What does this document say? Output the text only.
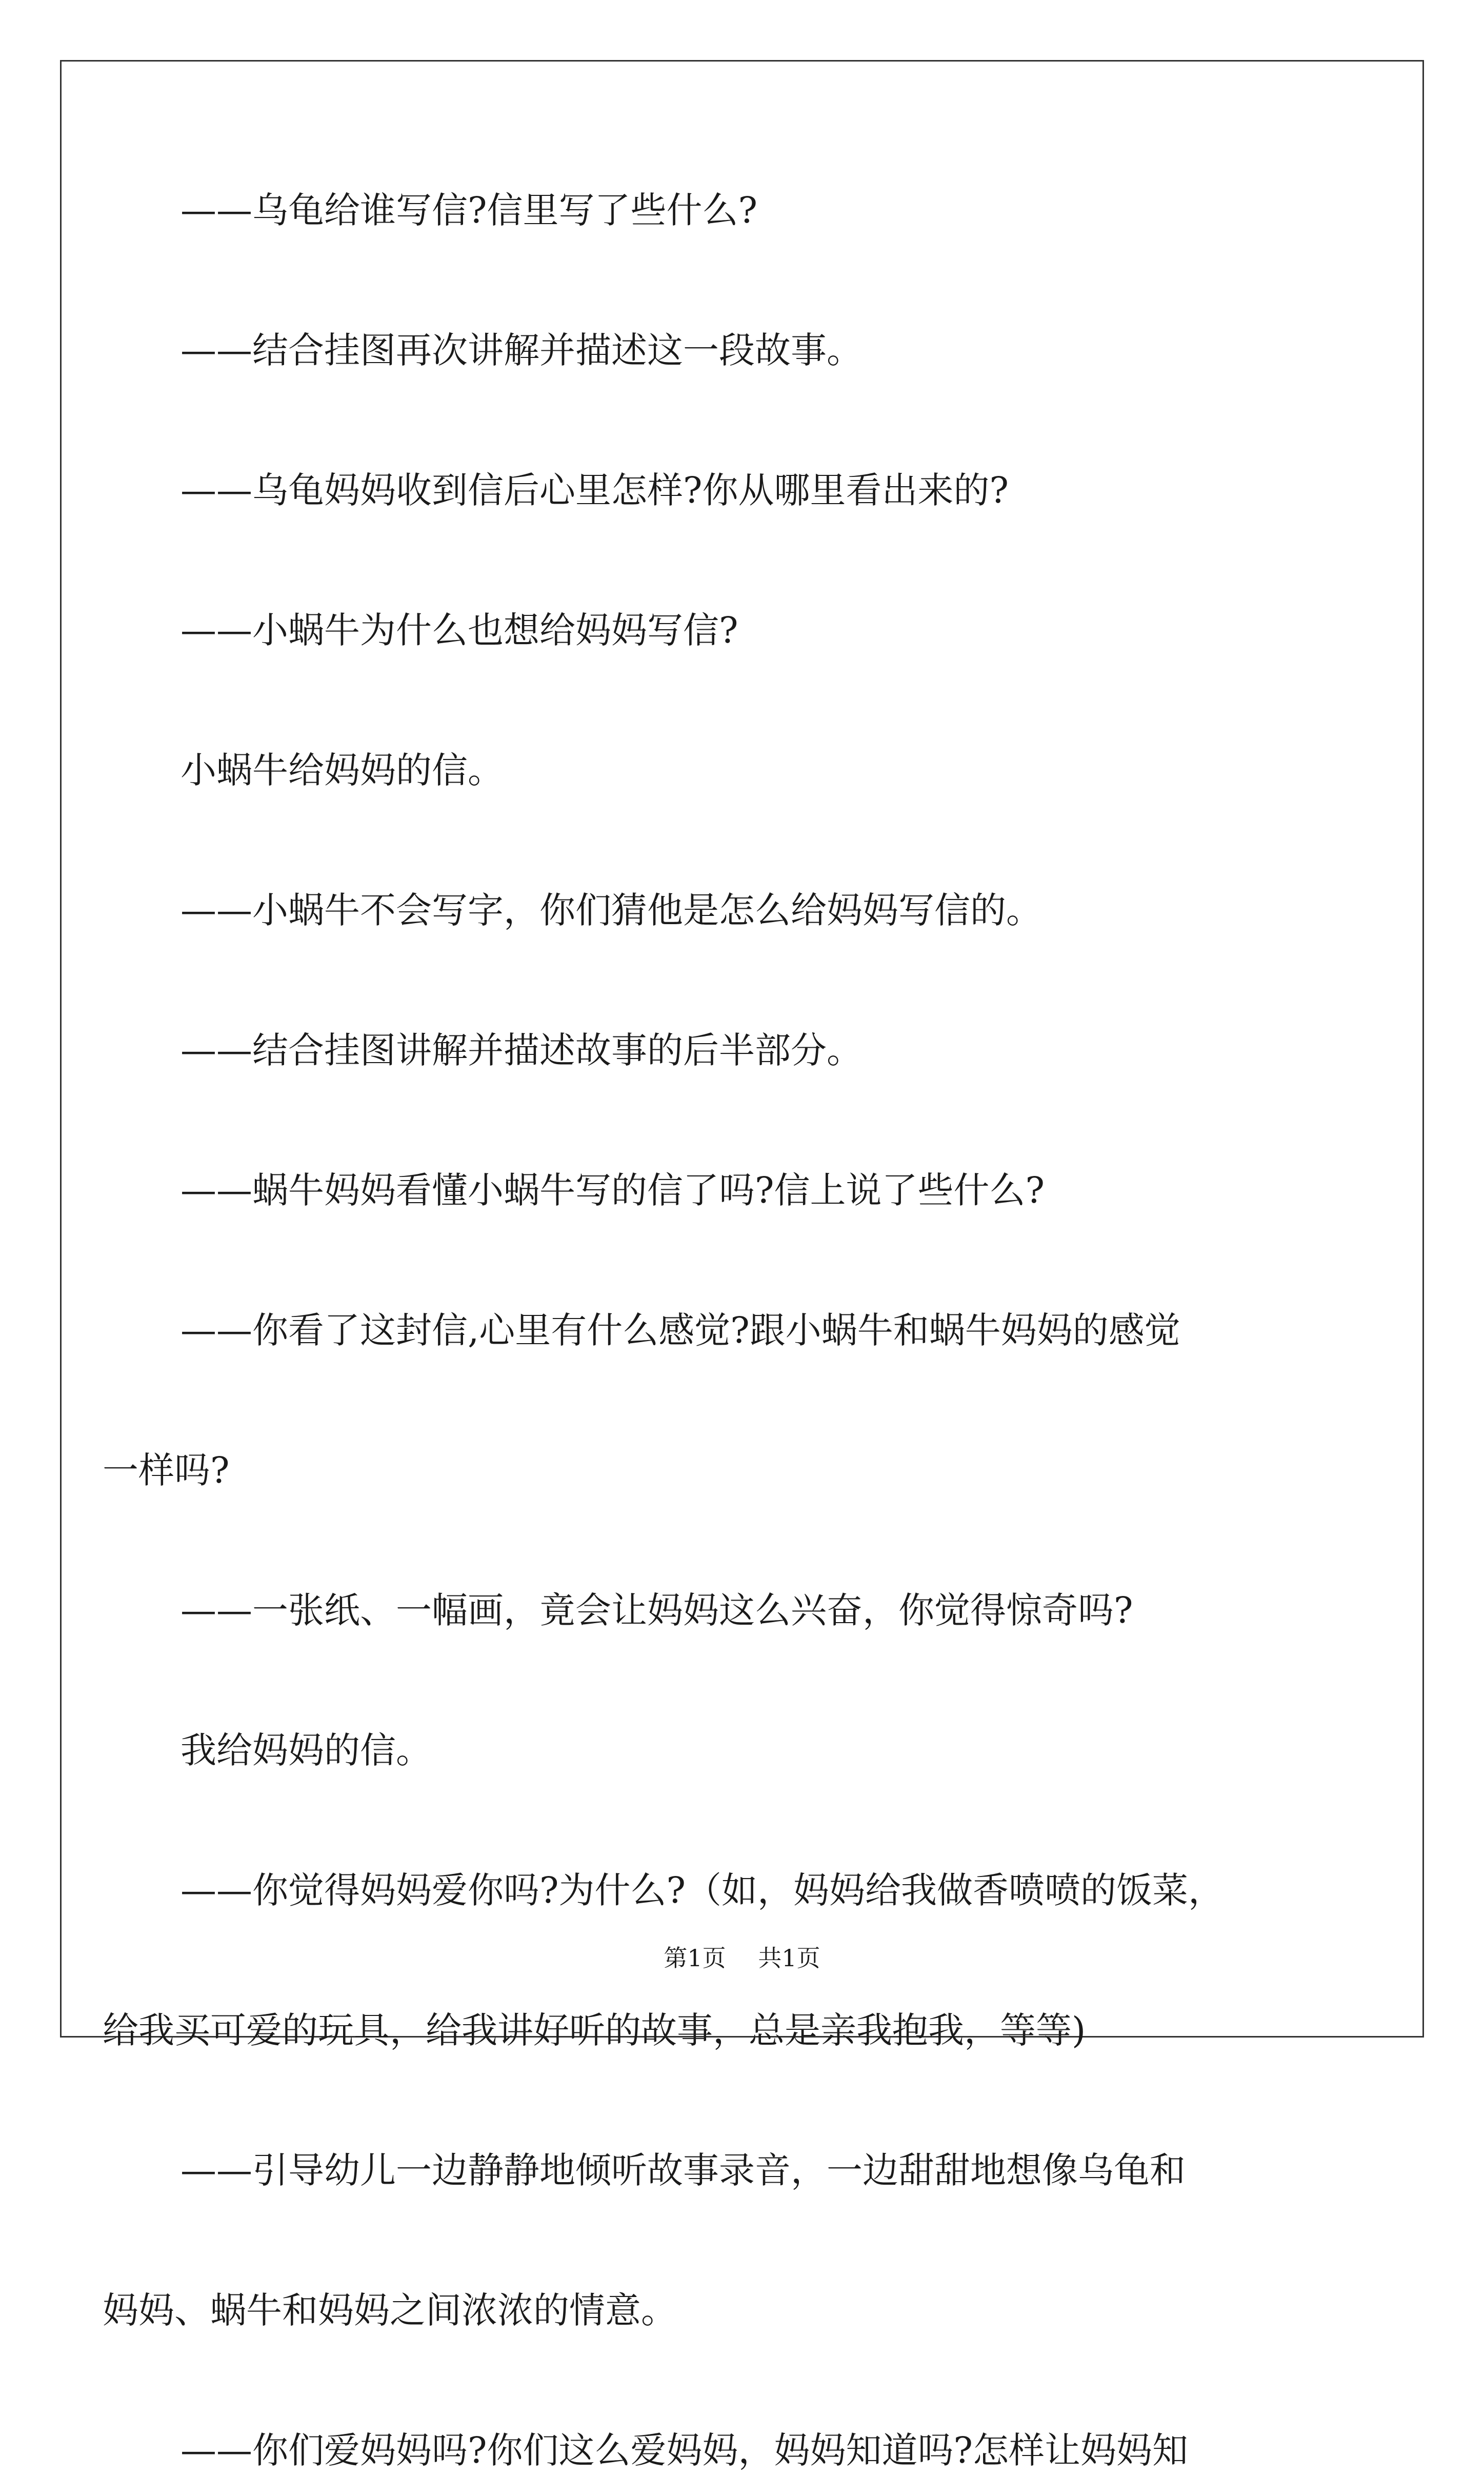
——乌龟给谁写信?信里写了些什么?

——结合挂图再次讲解并描述这一段故事。

——乌龟妈妈收到信后心里怎样?你从哪里看出来的?

——小蜗牛为什么也想给妈妈写信?

小蜗牛给妈妈的信。

——小蜗牛不会写字，你们猜他是怎么给妈妈写信的。

——结合挂图讲解并描述故事的后半部分。

——蜗牛妈妈看懂小蜗牛写的信了吗?信上说了些什么?

——你看了这封信,心里有什么感觉?跟小蜗牛和蜗牛妈妈的感觉

一样吗?

——一张纸、一幅画，竟会让妈妈这么兴奋，你觉得惊奇吗?

我给妈妈的信。

——你觉得妈妈爱你吗?为什么?（如，妈妈给我做香喷喷的饭菜，

给我买可爱的玩具，给我讲好听的故事，总是亲我抱我，等等)

——引导幼儿一边静静地倾听故事录音，一边甜甜地想像乌龟和

妈妈、蜗牛和妈妈之间浓浓的情意。

——你们爱妈妈吗?你们这么爱妈妈，妈妈知道吗?怎样让妈妈知

第1页 共1页
